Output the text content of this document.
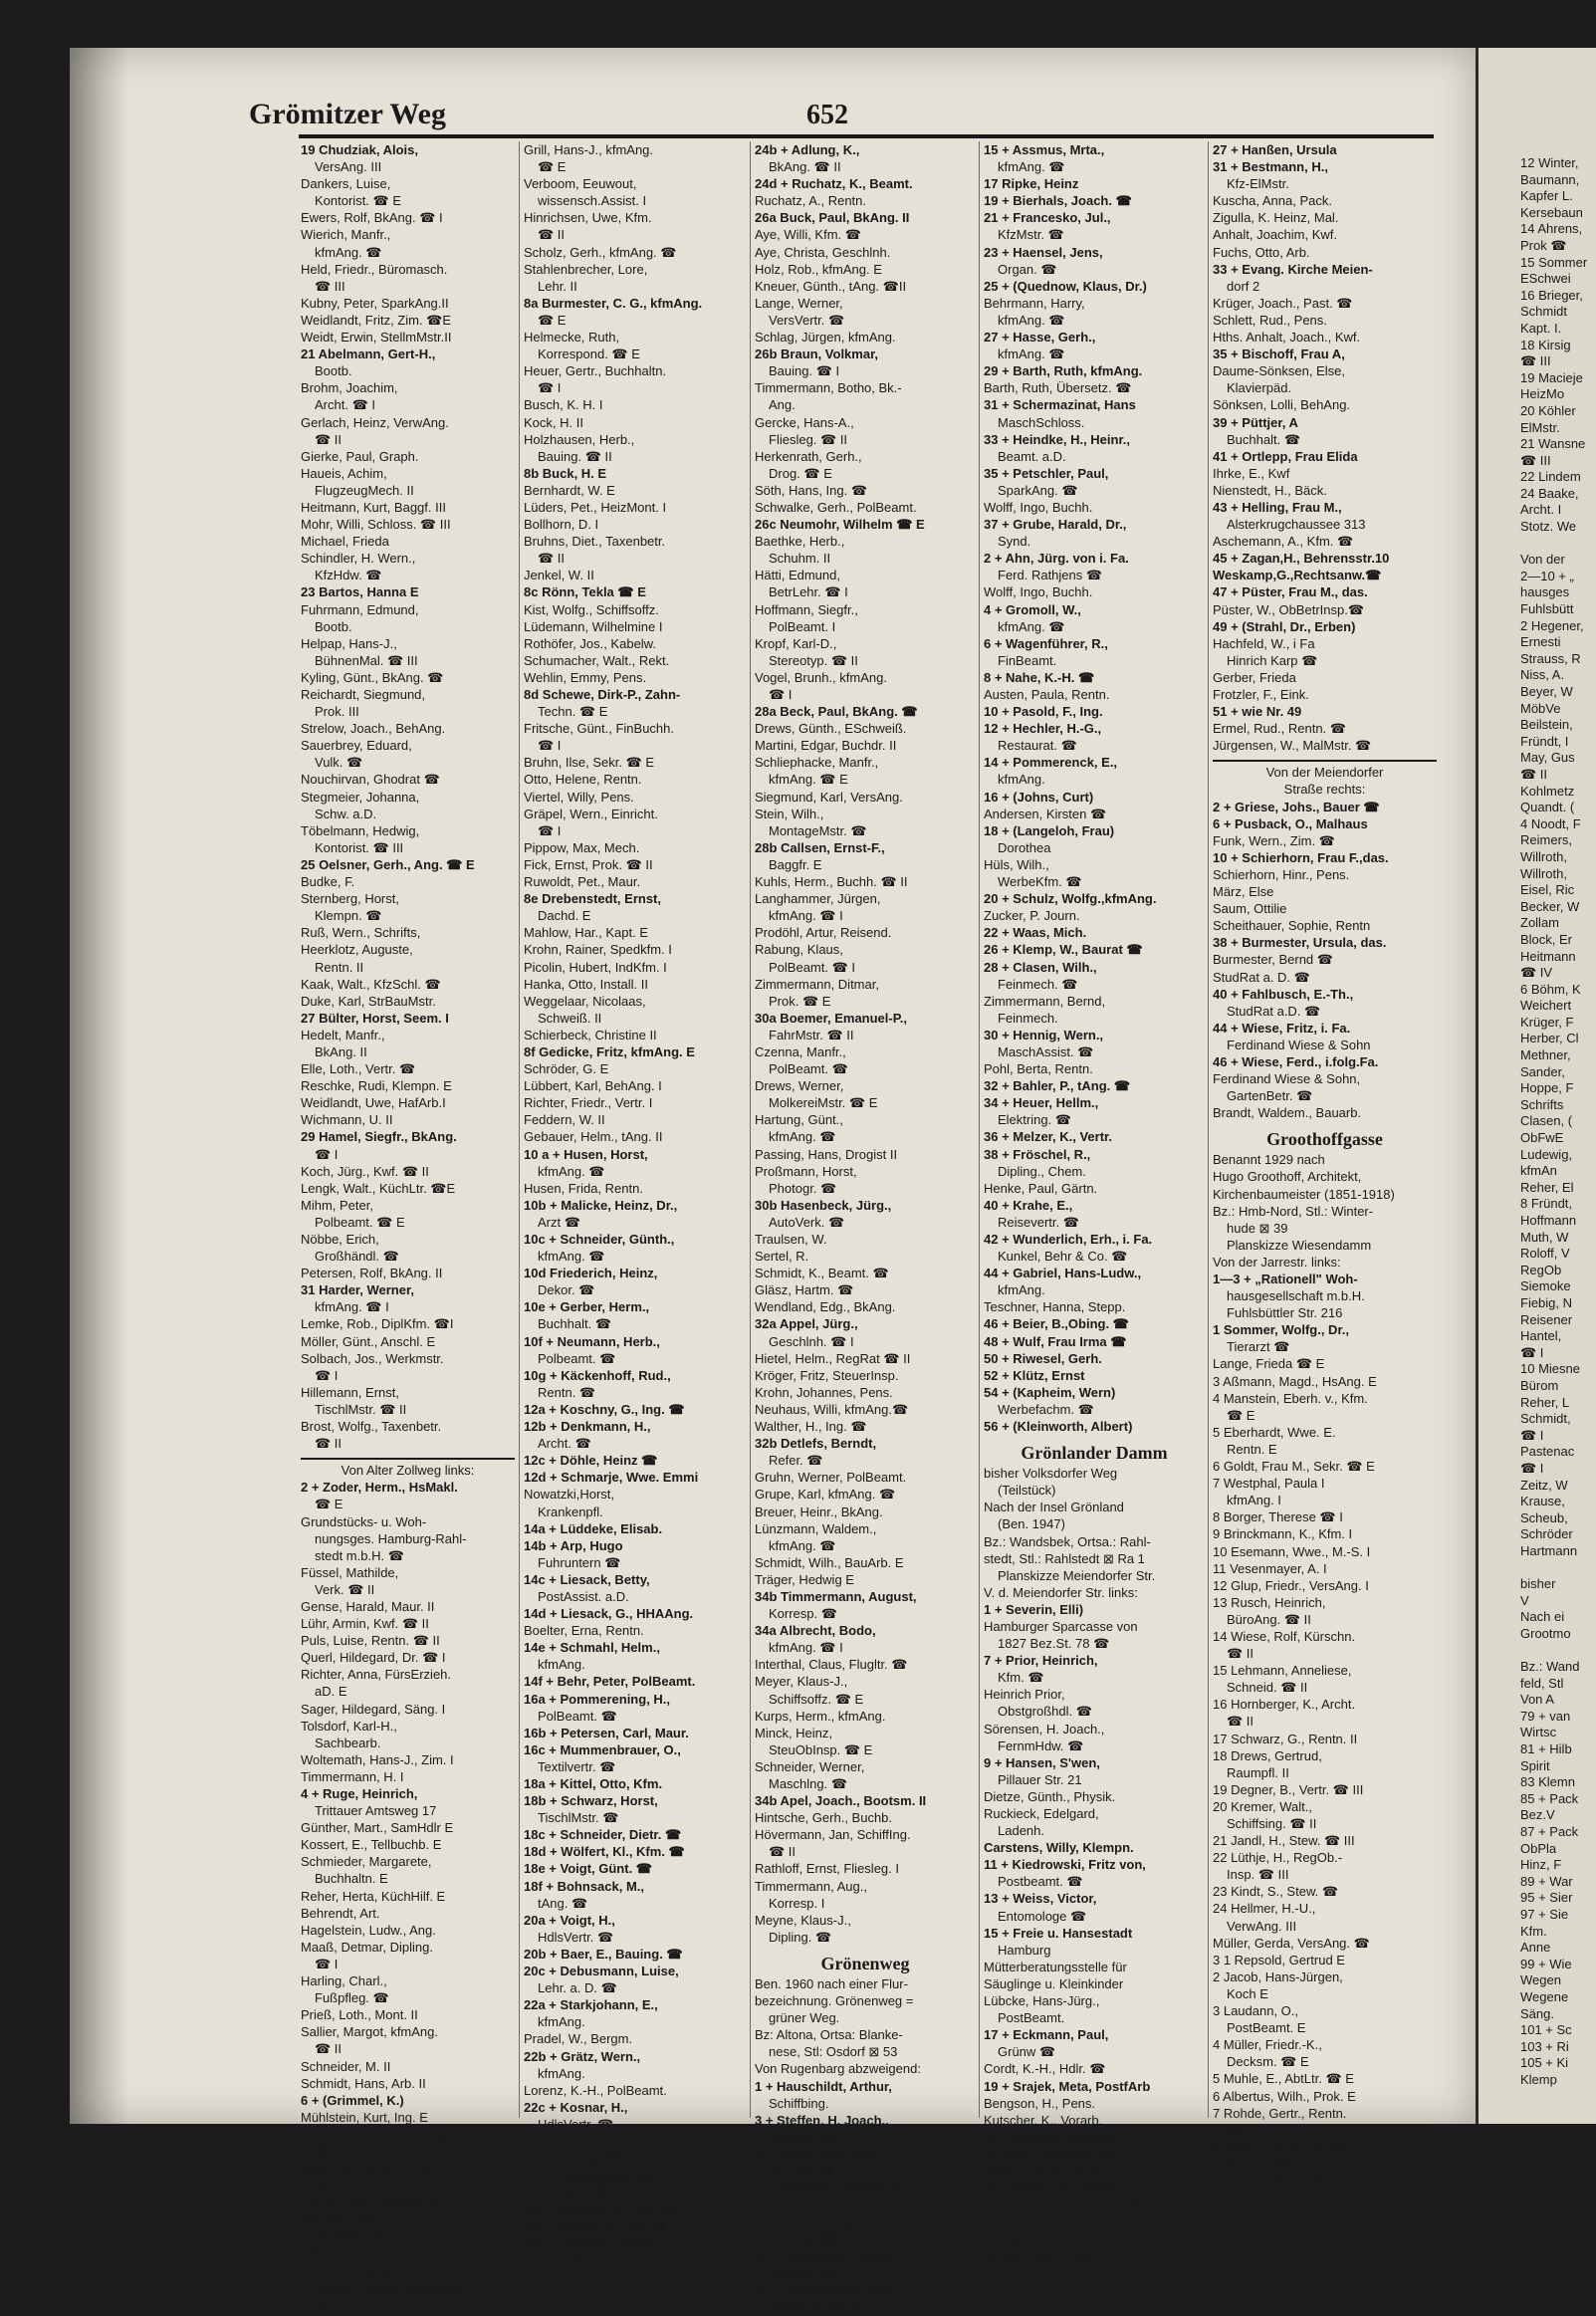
Grömitzer Weg	652
19 Chudziak, Alois,
VersAng. III
Dankers, Luise,
Kontorist. ☎ E
Ewers, Rolf, BkAng. ☎ I
Wierich, Manfr.,
kfmAng. ☎
Held, Friedr., Büromasch.
☎ III
Kubny, Peter, SparkAng.II
Weidlandt, Fritz, Zim. ☎E
Weidt, Erwin, StellmMstr.II
21 Abelmann, Gert-H.,
Bootb.
Brohm, Joachim,
Archt. ☎ I
Gerlach, Heinz, VerwAng.
☎ II
Gierke, Paul, Graph.
Haueis, Achim,
FlugzeugMech. II
Heitmann, Kurt, Baggf. III
Mohr, Willi, Schloss. ☎ III
Michael, Frieda
Schindler, H. Wern.,
KfzHdw. ☎
23 Bartos, Hanna E
Fuhrmann, Edmund,
Bootb.
Helpap, Hans-J.,
BühnenMal. ☎ III
Kyling, Günt., BkAng. ☎
Reichardt, Siegmund,
Prok. III
Strelow, Joach., BehAng.
Sauerbrey, Eduard,
Vulk. ☎
Nouchirvan, Ghodrat ☎
Stegmeier, Johanna,
Schw. a.D.
Töbelmann, Hedwig,
Kontorist. ☎ III
25 Oelsner, Gerh., Ang. ☎ E
Budke, F.
Sternberg, Horst,
Klempn. ☎
Ruß, Wern., Schrifts,
Heerklotz, Auguste,
Rentn. II
Kaak, Walt., KfzSchl. ☎
Duke, Karl, StrBauMstr.
27 Bülter, Horst, Seem. I
Hedelt, Manfr.,
BkAng. II
Elle, Loth., Vertr. ☎
Reschke, Rudi, Klempn. E
Weidlandt, Uwe, HafArb.I
Wichmann, U. II
29 Hamel, Siegfr., BkAng.
☎ I
Koch, Jürg., Kwf. ☎ II
Lengk, Walt., KüchLtr. ☎E
Mihm, Peter,
Polbeamt. ☎ E
Nöbbe, Erich,
Großhändl. ☎
Petersen, Rolf, BkAng. II
31 Harder, Werner,
kfmAng. ☎ I
Lemke, Rob., DiplKfm. ☎I
Möller, Günt., Anschl. E
Solbach, Jos., Werkmstr.
☎ I
Hillemann, Ernst,
TischlMstr. ☎ II
Brost, Wolfg., Taxenbetr.
☎ II
Von Alter Zollweg links:
2 + Zoder, Herm., HsMakl.
☎ E
Grundstücks- u. Woh-
nungsges. Hamburg-Rahl-
stedt m.b.H. ☎
Füssel, Mathilde,
Verk. ☎ II
Gense, Harald, Maur. II
Lühr, Armin, Kwf. ☎ II
Puls, Luise, Rentn. ☎ II
Querl, Hildegard, Dr. ☎ I
Richter, Anna, FürsErzieh.
aD. E
Sager, Hildegard, Säng. I
Tolsdorf, Karl-H.,
Sachbearb.
Woltemath, Hans-J., Zim. I
Timmermann, H. I
4 + Ruge, Heinrich,
Trittauer Amtsweg 17
Günther, Mart., SamHdlr E
Kossert, E., Tellbuchb. E
Schmieder, Margarete,
Buchhaltn. E
Reher, Herta, KüchHilf. E
Behrendt, Art.
Hagelstein, Ludw., Ang.
Maaß, Detmar, Dipling.
☎ I
Harling, Charl.,
Fußpfleg. ☎
Prieß, Loth., Mont. II
Sallier, Margot, kfmAng.
☎ II
Schneider, M. II
Schmidt, Hans, Arb. II
6 + (Grimmel, K.)
Mühlstein, Kurt, Ing. E
Kallweit, Klaus, HHA-Ang.
☎ I
Beth, Kai, VerwGerRat
☎ II
Pöhler, Jos., kfmAng. ☎
Treudler, Mar.,
BauMstr. ☎ I
8-8f + Törner, Paul,
Alter Zollweg 181
8 Plomin, Ulrich, Kameram.
☎ E
Grill, Hans-J., kfmAng.
☎ E
Verboom, Eeuwout,
wissensch.Assist. I
Hinrichsen, Uwe, Kfm.
☎ II
Scholz, Gerh., kfmAng. ☎
Stahlenbrecher, Lore,
Lehr. II
8a Burmester, C. G., kfmAng.
☎ E
Helmecke, Ruth,
Korrespond. ☎ E
Heuer, Gertr., Buchhaltn.
☎ I
Busch, K. H. I
Kock, H. II
Holzhausen, Herb.,
Bauing. ☎ II
8b Buck, H. E
Bernhardt, W. E
Lüders, Pet., HeizMont. I
Bollhorn, D. I
Bruhns, Diet., Taxenbetr.
☎ II
Jenkel, W. II
8c Rönn, Tekla ☎ E
Kist, Wolfg., Schiffsoffz.
Lüdemann, Wilhelmine I
Rothöfer, Jos., Kabelw.
Schumacher, Walt., Rekt.
Wehlin, Emmy, Pens.
8d Schewe, Dirk-P., Zahn-
Techn. ☎ E
Fritsche, Günt., FinBuchh.
☎ I
Bruhn, Ilse, Sekr. ☎ E
Otto, Helene, Rentn.
Viertel, Willy, Pens.
Gräpel, Wern., Einricht.
☎ I
Pippow, Max, Mech.
Fick, Ernst, Prok. ☎ II
Ruwoldt, Pet., Maur.
8e Drebenstedt, Ernst,
Dachd. E
Mahlow, Har., Kapt. E
Krohn, Rainer, Spedkfm. I
Picolin, Hubert, IndKfm. I
Hanka, Otto, Install. II
Weggelaar, Nicolaas,
Schweiß. II
Schierbeck, Christine II
8f Gedicke, Fritz, kfmAng. E
Schröder, G. E
Lübbert, Karl, BehAng. I
Richter, Friedr., Vertr. I
Feddern, W. II
Gebauer, Helm., tAng. II
10 a + Husen, Horst,
kfmAng. ☎
Husen, Frida, Rentn.
10b + Malicke, Heinz, Dr.,
Arzt ☎
10c + Schneider, Günth.,
kfmAng. ☎
10d Friederich, Heinz,
Dekor. ☎
10e + Gerber, Herm.,
Buchhalt. ☎
10f + Neumann, Herb.,
Polbeamt. ☎
10g + Käckenhoff, Rud.,
Rentn. ☎
12a + Koschny, G., Ing. ☎
12b + Denkmann, H.,
Archt. ☎
12c + Döhle, Heinz ☎
12d + Schmarje, Wwe. Emmi
Nowatzki,Horst,
Krankenpfl.
14a + Lüddeke, Elisab.
14b + Arp, Hugo
Fuhruntern ☎
14c + Liesack, Betty,
PostAssist. a.D.
14d + Liesack, G., HHAAng.
Boelter, Erna, Rentn.
14e + Schmahl, Helm.,
kfmAng.
14f + Behr, Peter, PolBeamt.
16a + Pommerening, H.,
PolBeamt. ☎
16b + Petersen, Carl, Maur.
16c + Mummenbrauer, O.,
Textilvertr. ☎
18a + Kittel, Otto, Kfm.
18b + Schwarz, Horst,
TischlMstr. ☎
18c + Schneider, Dietr. ☎
18d + Wölfert, Kl., Kfm. ☎
18e + Voigt, Günt. ☎
18f + Bohnsack, M.,
tAng. ☎
20a + Voigt, H.,
HdlsVertr. ☎
20b + Baer, E., Bauing. ☎
20c + Debusmann, Luise,
Lehr. a. D. ☎
22a + Starkjohann, E.,
kfmAng.
Pradel, W., Bergm.
22b + Grätz, Wern.,
kfmAng.
Lorenz, K.-H., PolBeamt.
22c + Kosnar, H.,
HdlsVertr. ☎
Düsedau & Kosnar,
HdlsVertrg. ☎
22d + Goldberger, Günt.,
Holzkfm. ☎
22e + Kessler, E., Ing. ☎
22f + Binder, H., Ing. ☎
24a + Sellmer, Theod.,
Kfm. ☎
24b + Adlung, K.,
BkAng. ☎ II
24d + Ruchatz, K., Beamt.
Ruchatz, A., Rentn.
26a Buck, Paul, BkAng. II
Aye, Willi, Kfm. ☎
Aye, Christa, Geschlnh.
Holz, Rob., kfmAng. E
Kneuer, Günth., tAng. ☎II
Lange, Werner,
VersVertr. ☎
Schlag, Jürgen, kfmAng.
26b Braun, Volkmar,
Bauing. ☎ I
Timmermann, Botho, Bk.-
Ang.
Gercke, Hans-A.,
Fliesleg. ☎ II
Herkenrath, Gerh.,
Drog. ☎ E
Söth, Hans, Ing. ☎
Schwalke, Gerh., PolBeamt.
26c Neumohr, Wilhelm ☎ E
Baethke, Herb.,
Schuhm. II
Hätti, Edmund,
BetrLehr. ☎ I
Hoffmann, Siegfr.,
PolBeamt. I
Kropf, Karl-D.,
Stereotyp. ☎ II
Vogel, Brunh., kfmAng.
☎ I
28a Beck, Paul, BkAng. ☎
Drews, Günth., ESchweiß.
Martini, Edgar, Buchdr. II
Schliephacke, Manfr.,
kfmAng. ☎ E
Siegmund, Karl, VersAng.
Stein, Wilh.,
MontageMstr. ☎
28b Callsen, Ernst-F.,
Baggfr. E
Kuhls, Herm., Buchh. ☎ II
Langhammer, Jürgen,
kfmAng. ☎ I
Prodöhl, Artur, Reisend.
Rabung, Klaus,
PolBeamt. ☎ I
Zimmermann, Ditmar,
Prok. ☎ E
30a Boemer, Emanuel-P.,
FahrMstr. ☎ II
Czenna, Manfr.,
PolBeamt. ☎
Drews, Werner,
MolkereiMstr. ☎ E
Hartung, Günt.,
kfmAng. ☎
Passing, Hans, Drogist II
Proßmann, Horst,
Photogr. ☎
30b Hasenbeck, Jürg.,
AutoVerk. ☎
Traulsen, W.
Sertel, R.
Schmidt, K., Beamt. ☎
Gläsz, Hartm. ☎
Wendland, Edg., BkAng.
32a Appel, Jürg.,
Geschlnh. ☎ I
Hietel, Helm., RegRat ☎ II
Kröger, Fritz, SteuerInsp.
Krohn, Johannes, Pens.
Neuhaus, Willi, kfmAng.☎
Walther, H., Ing. ☎
32b Detlefs, Berndt,
Refer. ☎
Gruhn, Werner, PolBeamt.
Grupe, Karl, kfmAng. ☎
Breuer, Heinr., BkAng.
Lünzmann, Waldem.,
kfmAng. ☎
Schmidt, Wilh., BauArb. E
Träger, Hedwig E
34b Timmermann, August,
Korresp. ☎
34a Albrecht, Bodo,
kfmAng. ☎ I
Interthal, Claus, Flugltr. ☎
Meyer, Klaus-J.,
Schiffsoffz. ☎ E
Kurps, Herm., kfmAng.
Minck, Heinz,
SteuObInsp. ☎ E
Schneider, Werner,
Maschlng. ☎
34b Apel, Joach., Bootsm. II
Hintsche, Gerh., Buchb.
Hövermann, Jan, SchiffIng.
☎ II
Rathloff, Ernst, Fliesleg. I
Timmermann, Aug.,
Korresp. I
Meyne, Klaus-J.,
Dipling. ☎
Grönenweg
Ben. 1960 nach einer Flur-
bezeichnung. Grönenweg =
grüner Weg.
Bz: Altona, Ortsa: Blanke-
nese, Stl: Osdorf ⊠ 53
Von Rugenbarg abzweigend:
1 + Hauschildt, Arthur,
Schiffbing.
3 + Steffen, H. Joach.,
kfmAng. ☎
5 + Kraas, Rolf, Dipl.-
Holzwirt ☎
7 + Topmann, Ehrenhold,
kfmAng.
9 + Mundt, Dieter,
kfmAng. ☎
11 + Brügmann, Roger,
kfmAng. ☎
13 + Schulenburg, Wilh.,
Beratd.Archt. III
15 + Assmus, Mrta.,
kfmAng. ☎
17 Ripke, Heinz
19 + Bierhals, Joach. ☎
21 + Francesko, Jul.,
KfzMstr. ☎
23 + Haensel, Jens,
Organ. ☎
25 + (Quednow, Klaus, Dr.)
Behrmann, Harry,
kfmAng. ☎
27 + Hasse, Gerh.,
kfmAng. ☎
29 + Barth, Ruth, kfmAng.
Barth, Ruth, Übersetz. ☎
31 + Schermazinat, Hans
MaschSchloss.
33 + Heindke, H., Heinr.,
Beamt. a.D.
35 + Petschler, Paul,
SparkAng. ☎
Wolff, Ingo, Buchh.
37 + Grube, Harald, Dr.,
Synd.
2 + Ahn, Jürg. von i. Fa.
Ferd. Rathjens ☎
Wolff, Ingo, Buchh.
4 + Gromoll, W.,
kfmAng. ☎
6 + Wagenführer, R.,
FinBeamt.
8 + Nahe, K.-H. ☎
Austen, Paula, Rentn.
10 + Pasold, F., Ing.
12 + Hechler, H.-G.,
Restaurat. ☎
14 + Pommerenck, E.,
kfmAng.
16 + (Johns, Curt)
Andersen, Kirsten ☎
18 + (Langeloh, Frau)
Dorothea
Hüls, Wilh.,
WerbeKfm. ☎
20 + Schulz, Wolfg.,kfmAng.
Zucker, P. Journ.
22 + Waas, Mich.
26 + Klemp, W., Baurat ☎
28 + Clasen, Wilh.,
Feinmech. ☎
Zimmermann, Bernd,
Feinmech.
30 + Hennig, Wern.,
MaschAssist. ☎
Pohl, Berta, Rentn.
32 + Bahler, P., tAng. ☎
34 + Heuer, Hellm.,
Elektring. ☎
36 + Melzer, K., Vertr.
38 + Fröschel, R.,
Dipling., Chem.
Henke, Paul, Gärtn.
40 + Krahe, E.,
Reisevertr. ☎
42 + Wunderlich, Erh., i. Fa.
Kunkel, Behr & Co. ☎
44 + Gabriel, Hans-Ludw.,
kfmAng.
Teschner, Hanna, Stepp.
46 + Beier, B.,Obing. ☎
48 + Wulf, Frau Irma ☎
50 + Riwesel, Gerh.
52 + Klütz, Ernst
54 + (Kapheim, Wern)
Werbefachm. ☎
56 + (Kleinworth, Albert)
Grönlander Damm
bisher Volksdorfer Weg
(Teilstück)
Nach der Insel Grönland
(Ben. 1947)
Bz.: Wandsbek, Ortsa.: Rahl-
stedt, Stl.: Rahlstedt ⊠ Ra 1
Planskizze Meiendorfer Str.
V. d. Meiendorfer Str. links:
1 + Severin, Elli)
Hamburger Sparcasse von
1827 Bez.St. 78 ☎
7 + Prior, Heinrich,
Kfm. ☎
Heinrich Prior,
Obstgroßhdl. ☎
Sörensen, H. Joach.,
FernmHdw. ☎
9 + Hansen, S'wen,
Pillauer Str. 21
Dietze, Günth., Physik.
Ruckieck, Edelgard,
Ladenh.
Carstens, Willy, Klempn.
11 + Kiedrowski, Fritz von,
Postbeamt. ☎
13 + Weiss, Victor,
Entomologe ☎
15 + Freie u. Hansestadt
Hamburg
Mütterberatungsstelle für
Säuglinge u. Kleinkinder
Lübcke, Hans-Jürg.,
PostBeamt.
17 + Eckmann, Paul,
Grünw ☎
Cordt, K.-H., Hdlr. ☎
19 + Srajek, Meta, PostfArb
Bengson, H., Pens.
Kutscher, K., Vorarb.
21 + Schmitt, Gertrud
Schmidt, Hildegard ☎
Bartels, Gerh., Rentn
25 + Möller, W., Rentn.
Aurâth, Dorothea, Pens. ☎
Goldenbow, W., Mal.
Köppen, P., Rentn.
Schoof, Martha ☎
27 + Hanßen, Ursula
31 + Bestmann, H.,
Kfz-ElMstr.
Kuscha, Anna, Pack.
Zigulla, K. Heinz, Mal.
Anhalt, Joachim, Kwf.
Fuchs, Otto, Arb.
33 + Evang. Kirche Meien-
dorf 2
Krüger, Joach., Past. ☎
Schlett, Rud., Pens.
Hths. Anhalt, Joach., Kwf.
35 + Bischoff, Frau A,
Daume-Sönksen, Else,
Klavierpäd.
Sönksen, Lolli, BehAng.
39 + Püttjer, A
Buchhalt. ☎
41 + Ortlepp, Frau Elida
Ihrke, E., Kwf
Nienstedt, H., Bäck.
43 + Helling, Frau M.,
Alsterkrugchaussee 313
Aschemann, A., Kfm. ☎
45 + Zagan,H., Behrensstr.10
Weskamp,G.,Rechtsanw.☎
47 + Püster, Frau M., das.
Püster, W., ObBetrInsp.☎
49 + (Strahl, Dr., Erben)
Hachfeld, W., i Fa
Hinrich Karp ☎
Gerber, Frieda
Frotzler, F., Eink.
51 + wie Nr. 49
Ermel, Rud., Rentn. ☎
Jürgensen, W., MalMstr. ☎
Von der Meiendorfer
Straße rechts:
2 + Griese, Johs., Bauer ☎
6 + Pusback, O., Malhaus
Funk, Wern., Zim. ☎
10 + Schierhorn, Frau F.,das.
Schierhorn, Hinr., Pens.
März, Else
Saum, Ottilie
Scheithauer, Sophie, Rentn
38 + Burmester, Ursula, das.
Burmester, Bernd ☎
StudRat a. D. ☎
40 + Fahlbusch, E.-Th.,
StudRat a.D. ☎
44 + Wiese, Fritz, i. Fa.
Ferdinand Wiese & Sohn
46 + Wiese, Ferd., i.folg.Fa.
Ferdinand Wiese & Sohn,
GartenBetr. ☎
Brandt, Waldem., Bauarb.
Groothoffgasse
Benannt 1929 nach
Hugo Groothoff, Architekt,
Kirchenbaumeister (1851-1918)
Bz.: Hmb-Nord, Stl.: Winter-
hude ⊠ 39
Planskizze Wiesendamm
Von der Jarrestr. links:
1—3 + „Rationell" Woh-
hausgesellschaft m.b.H.
Fuhlsbüttler Str. 216
1 Sommer, Wolfg., Dr.,
Tierarzt ☎
Lange, Frieda ☎ E
3 Aßmann, Magd., HsAng. E
4 Manstein, Eberh. v., Kfm.
☎ E
5 Eberhardt, Wwe. E.
Rentn. E
6 Goldt, Frau M., Sekr. ☎ E
7 Westphal, Paula I
kfmAng. I
8 Borger, Therese ☎ I
9 Brinckmann, K., Kfm. I
10 Esemann, Wwe., M.-S. I
11 Vesenmayer, A. I
12 Glup, Friedr., VersAng. I
13 Rusch, Heinrich,
BüroAng. ☎ II
14 Wiese, Rolf, Kürschn.
☎ II
15 Lehmann, Anneliese,
Schneid. ☎ II
16 Hornberger, K., Archt.
☎ II
17 Schwarz, G., Rentn. II
18 Drews, Gertrud,
Raumpfl. II
19 Degner, B., Vertr. ☎ III
20 Kremer, Walt.,
Schiffsing. ☎ II
21 Jandl, H., Stew. ☎ III
22 Lüthje, H., RegOb.-
Insp. ☎ III
23 Kindt, S., Stew. ☎
24 Hellmer, H.-U.,
VerwAng. III
Müller, Gerda, VersAng. ☎
3 1 Repsold, Gertrud E
2 Jacob, Hans-Jürgen,
Koch E
3 Laudann, O.,
PostBeamt. E
4 Müller, Friedr.-K.,
Decksm. ☎ E
5 Muhle, E., AbtLtr. ☎ E
6 Albertus, Wilh., Prok. E
7 Rohde, Gertr., Rentn.
☎ I
8 Jenkel, Elisab., Rentn. I
9 Kramer, Wwe. M. I
10 Koslowski, A., Bootsb. I
11 Lüdemann, Frau M.,
KrkSchwest. i. R. I
12 Winter,
Baumann,
Kapfer L.
Kersebaun
14 Ahrens,
Prok ☎
15 Sommer
ESchwei
16 Brieger,
Schmidt
Kapt. I.
18 Kirsig
☎ III
19 Macieje
HeizMo
20 Köhler
ElMstr.
21 Wansne
☎ III
22 Lindem
24 Baake,
Archt. I
Stotz. We

Von der
2—10 + „
hausges
Fuhlsbütt
2 Hegener,
Ernesti
Strauss, R
Niss, A.
Beyer, W
MöbVe
Beilstein,
Fründt, I
May, Gus
☎ II
Kohlmetz
Quandt. (
4 Noodt, F
Reimers,
Willroth,
Willroth,
Eisel, Ric
Becker, W
Zollam
Block, Er
Heitmann
☎ IV
6 Böhm, K
Weichert
Krüger, F
Herber, Cl
Methner,
Sander,
Hoppe, F
Schrifts
Clasen, (
ObFwE
Ludewig,
kfmAn
Reher, El
8 Fründt,
Hoffmann
Muth, W
Roloff, V
RegOb
Siemoke
Fiebig, N
Reisener
Hantel,
☎ I
10 Miesne
Bürom
Reher, L
Schmidt,
☎ I
Pastenac
☎ I
Zeitz, W
Krause,
Scheub,
Schröder
Hartmann

bisher
V
Nach ei
Grootmo

Bz.: Wand
feld, Stl
Von A
79 + van
Wirtsc
81 + Hilb
Spirit
83 Klemn
85 + Pack
Bez.V
87 + Pack
ObPla
Hinz, F
89 + War
95 + Sier
97 + Sie
Kfm.
Anne
99 + Wie
Wegen
Wegene
Säng.
101 + Sc
103 + Ri
105 + Ki
Klemp
